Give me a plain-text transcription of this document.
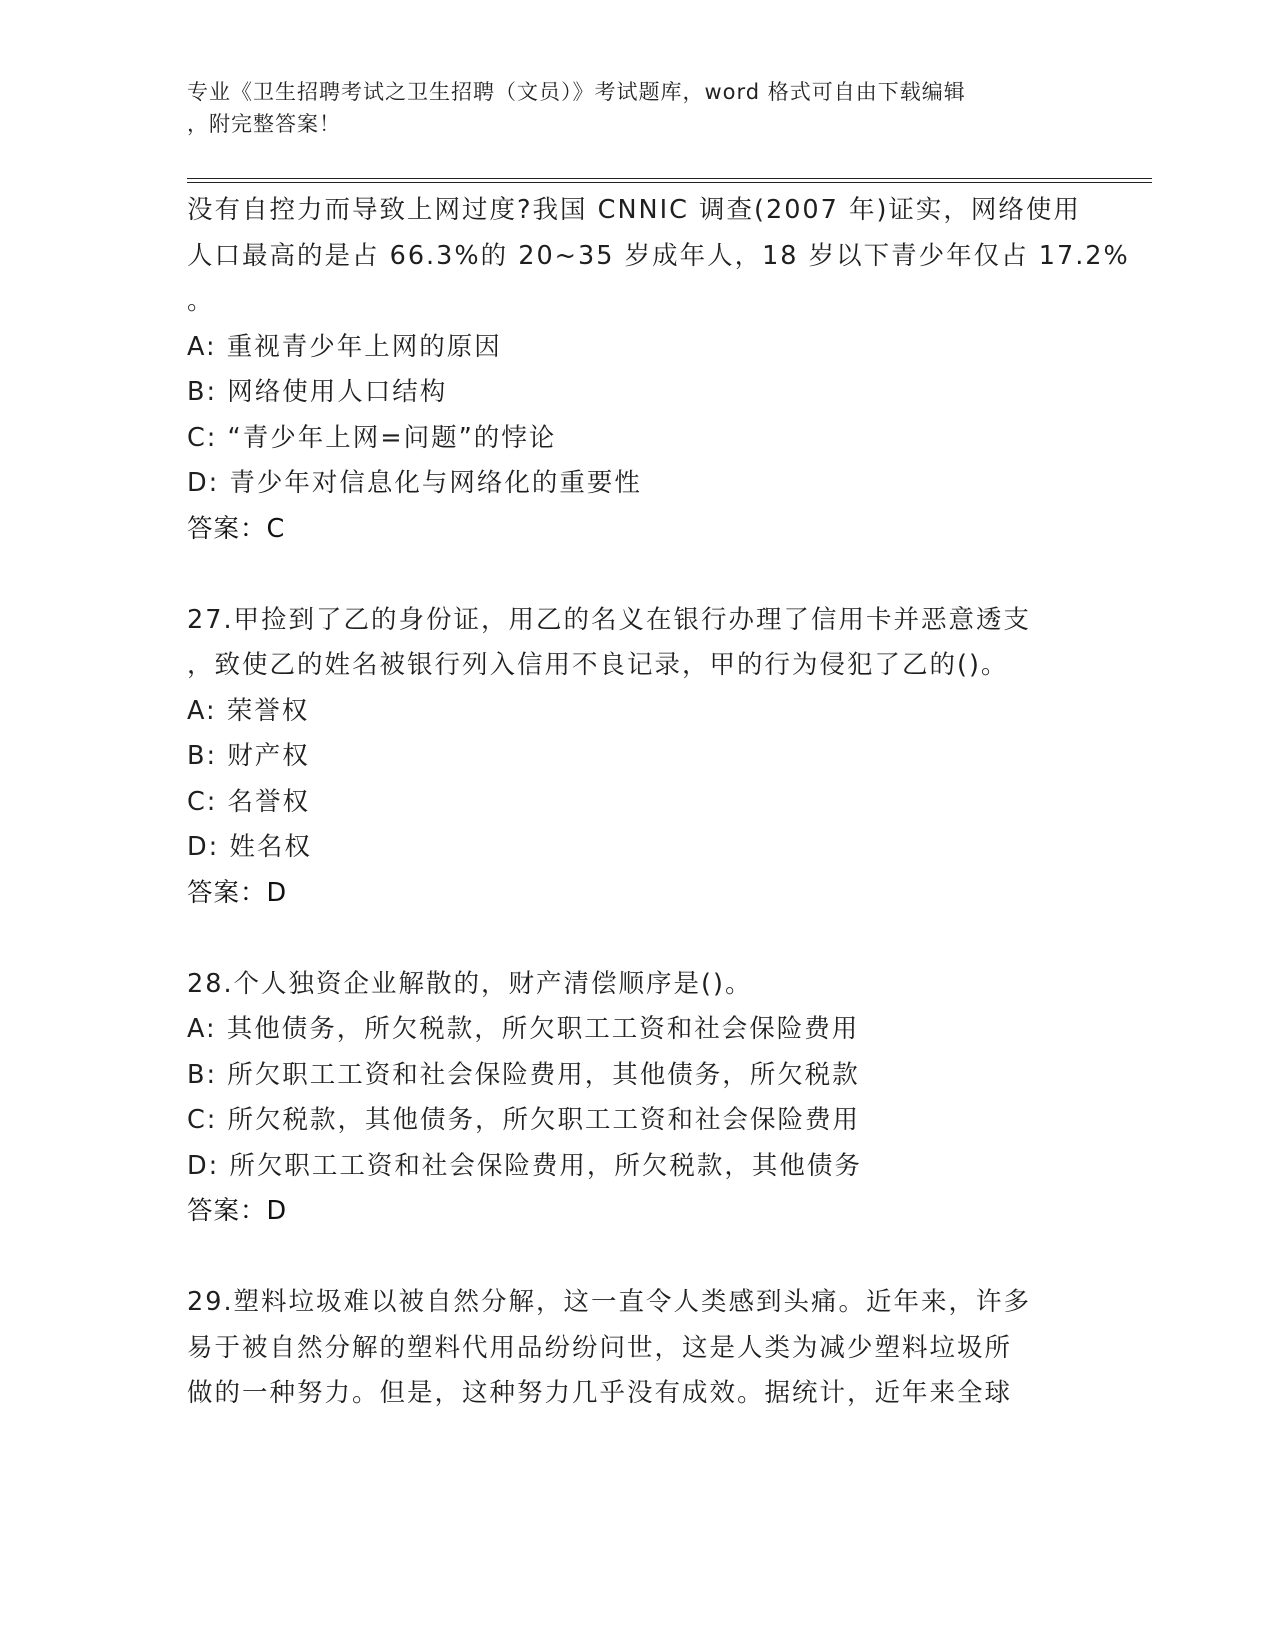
专业《卫生招聘考试之卫生招聘（文员）》考试题库，word 格式可自由下载编辑
，附完整答案！
没有自控力而导致上网过度?我国 CNNIC 调查(2007 年)证实，网络使用
人口最高的是占 66.3%的 20~35 岁成年人，18 岁以下青少年仅占 17.2%
。
A: 重视青少年上网的原因
B: 网络使用人口结构
C: “青少年上网=问题”的悖论
D: 青少年对信息化与网络化的重要性
答案：C
27.甲捡到了乙的身份证，用乙的名义在银行办理了信用卡并恶意透支
，致使乙的姓名被银行列入信用不良记录，甲的行为侵犯了乙的()。
A: 荣誉权
B: 财产权
C: 名誉权
D: 姓名权
答案：D
28.个人独资企业解散的，财产清偿顺序是()。
A: 其他债务，所欠税款，所欠职工工资和社会保险费用
B: 所欠职工工资和社会保险费用，其他债务，所欠税款
C: 所欠税款，其他债务，所欠职工工资和社会保险费用
D: 所欠职工工资和社会保险费用，所欠税款，其他债务
答案：D
29.塑料垃圾难以被自然分解，这一直令人类感到头痛。近年来，许多
易于被自然分解的塑料代用品纷纷问世，这是人类为减少塑料垃圾所
做的一种努力。但是，这种努力几乎没有成效。据统计，近年来全球
